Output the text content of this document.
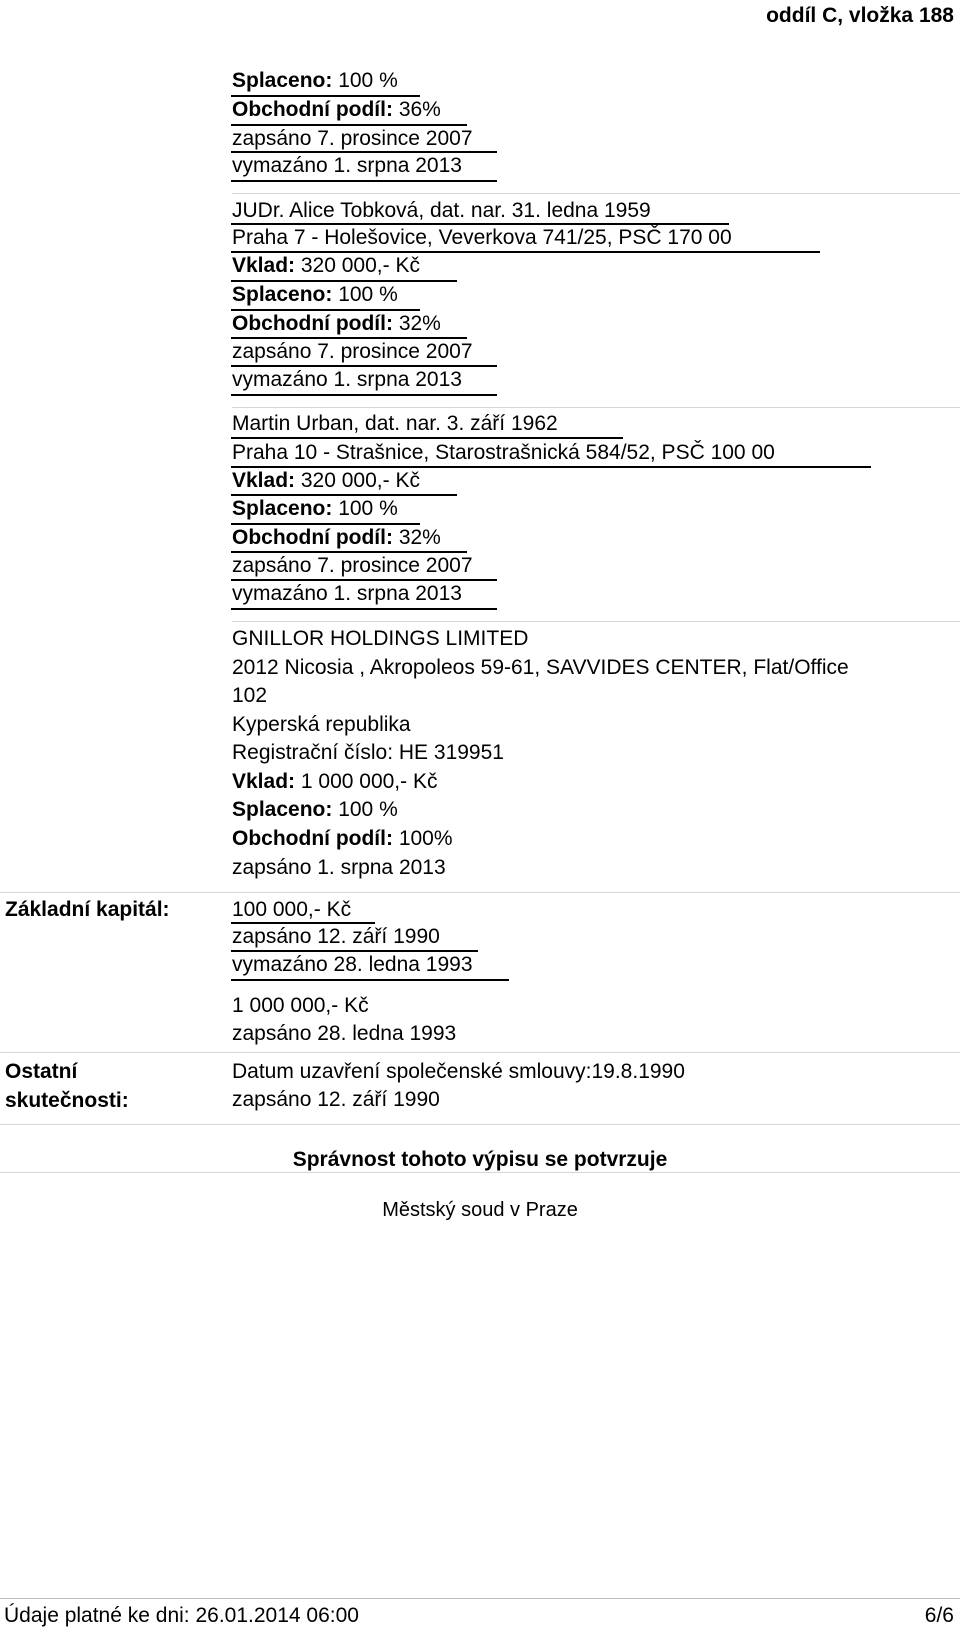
oddíl C, vložka 188
Splaceno: 100 %
Obchodní podíl: 36%
zapsáno 7. prosince 2007
vymazáno 1. srpna 2013
JUDr. Alice Tobková, dat. nar. 31. ledna 1959
Praha 7 - Holešovice, Veverkova 741/25, PSČ 170 00
Vklad: 320 000,- Kč
Splaceno: 100 %
Obchodní podíl: 32%
zapsáno 7. prosince 2007
vymazáno 1. srpna 2013
Martin Urban, dat. nar. 3. září 1962
Praha 10 - Strašnice, Starostrašnická 584/52, PSČ 100 00
Vklad: 320 000,- Kč
Splaceno: 100 %
Obchodní podíl: 32%
zapsáno 7. prosince 2007
vymazáno 1. srpna 2013
GNILLOR HOLDINGS LIMITED
2012 Nicosia , Akropoleos 59-61, SAVVIDES CENTER, Flat/Office
102
Kyperská republika
Registrační číslo: HE 319951
Vklad: 1 000 000,- Kč
Splaceno: 100 %
Obchodní podíl: 100%
zapsáno 1. srpna 2013
Základní kapitál:	100 000,- Kč
zapsáno 12. září 1990
vymazáno 28. ledna 1993
1 000 000,- Kč
zapsáno 28. ledna 1993
Ostatní
skutečnosti:
Datum uzavření společenské smlouvy:19.8.1990
zapsáno 12. září 1990
Správnost tohoto výpisu se potvrzuje
Městský soud v Praze
Údaje platné ke dni: 26.01.2014 06:00	6/6
